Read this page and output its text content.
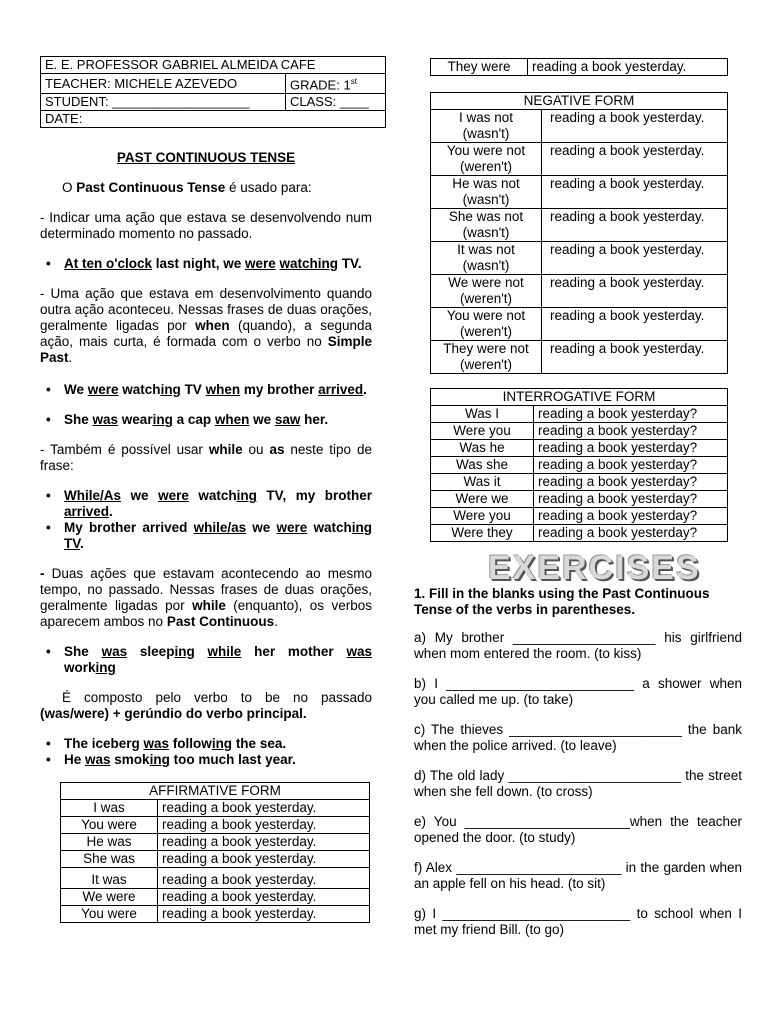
E. E. PROFESSOR GABRIEL ALMEIDA CAFE	
TEACHER: MICHELE AZEVEDO	GRADE: 1st
STUDENT: ___________________	CLASS: ____
DATE:	
PAST CONTINUOUS TENSE

O Past Continuous Tense é usado para:

- Indicar uma ação que estava se desenvolvendo num determinado momento no passado.

• At ten o'clock last night, we were watching TV.

- Uma ação que estava em desenvolvimento quando outra ação aconteceu. Nessas frases de duas orações, geralmente ligadas por when (quando), a segunda ação, mais curta, é formada com o verbo no Simple Past.

• We were watching TV when my brother arrived.
• She was wearing a cap when we saw her.

- Também é possível usar while ou as neste tipo de frase:

• While/As we were watching TV, my brother arrived.
• My brother arrived while/as we were watching TV.

- Duas ações que estavam acontecendo ao mesmo tempo, no passado. Nessas frases de duas orações, geralmente ligadas por while (enquanto), os verbos aparecem ambos no Past Continuous.

• She was sleeping while her mother was working

É composto pelo verbo to be no passado (was/were) + gerúndio do verbo principal.

• The iceberg was following the sea.
• He was smoking too much last year.
AFFIRMATIVE FORM	
I was	reading a book yesterday.
You were	reading a book yesterday.
He was	reading a book yesterday.
She was	reading a book yesterday.
It was	reading a book yesterday.
We were	reading a book yesterday.
You were	reading a book yesterday.
They were	reading a book yesterday.
NEGATIVE FORM	

I was not
(wasn't)	reading a book yesterday.

You were not
(weren't)	reading a book yesterday.

He was not
(wasn't)	reading a book yesterday.

She was not
(wasn't)	reading a book yesterday.

It was not
(wasn't)	reading a book yesterday.

We were not
(weren't)	reading a book yesterday.

You were not
(weren't)	reading a book yesterday.

They were not
(weren't)	reading a book yesterday.
INTERROGATIVE FORM	
Was I	reading a book yesterday?
Were you	reading a book yesterday?
Was he	reading a book yesterday?
Was she	reading a book yesterday?
Was it	reading a book yesterday?
Were we	reading a book yesterday?
Were you	reading a book yesterday?
Were they	reading a book yesterday?
EXERCISES

1. Fill in the blanks using the Past Continuous Tense of the verbs in parentheses.

a) My brother ___________________ his girlfriend when mom entered the room. (to kiss)

b) I _________________________ a shower when you called me up. (to take)

c) The thieves _______________________ the bank when the police arrived. (to leave)

d) The old lady _______________________ the street when she fell down. (to cross)

e) You ______________________when the teacher opened the door. (to study)

f) Alex ______________________ in the garden when an apple fell on his head. (to sit)

g) I _________________________ to school when I met my friend Bill. (to go)
